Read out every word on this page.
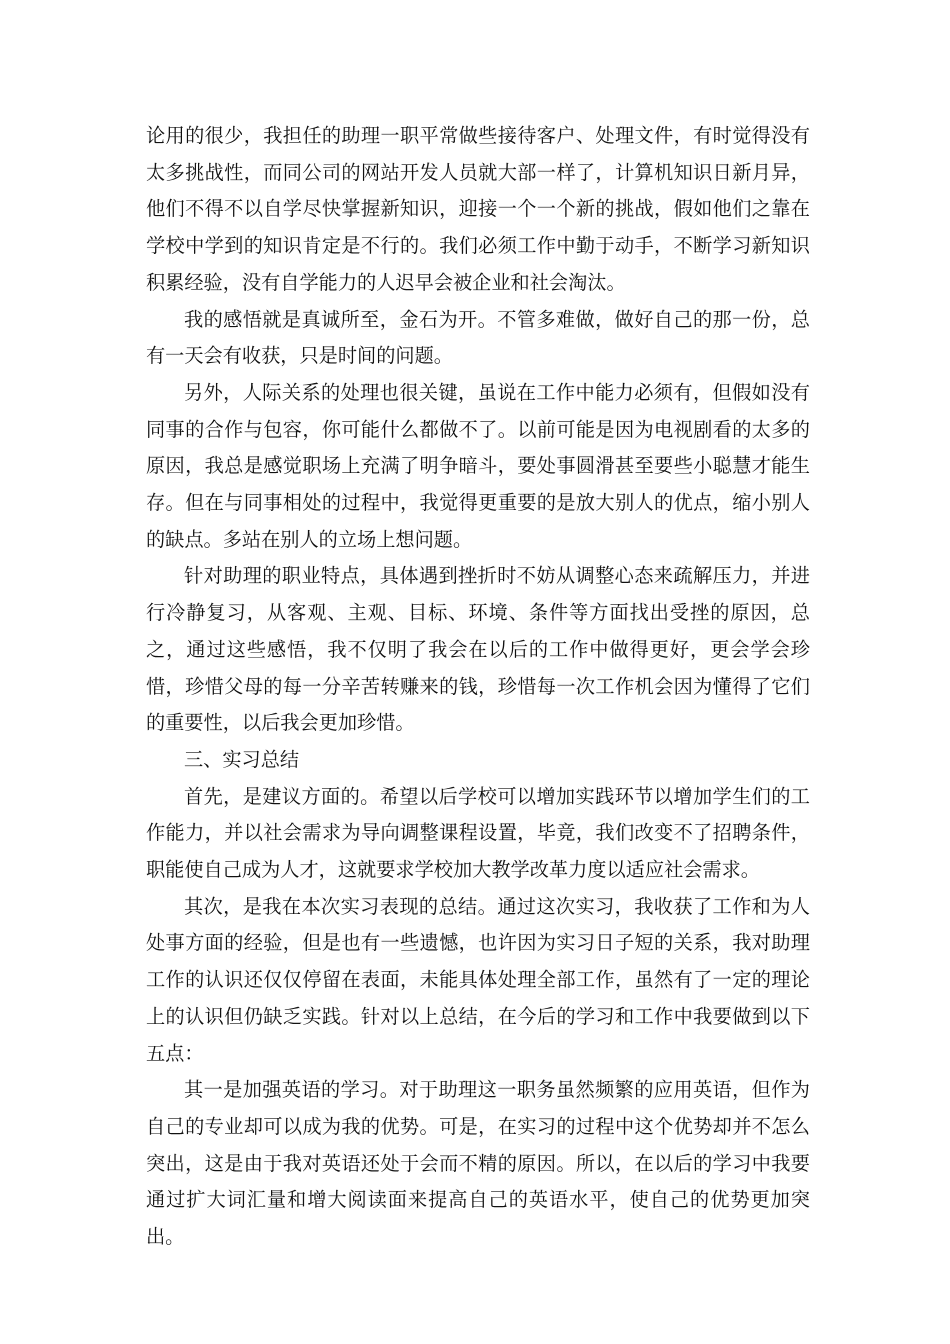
论用的很少，我担任的助理一职平常做些接待客户、处理文件，有时觉得没有太多挑战性，而同公司的网站开发人员就大部一样了，计算机知识日新月异，他们不得不以自学尽快掌握新知识，迎接一个一个新的挑战，假如他们之靠在学校中学到的知识肯定是不行的。我们必须工作中勤于动手，不断学习新知识积累经验，没有自学能力的人迟早会被企业和社会淘汰。

我的感悟就是真诚所至，金石为开。不管多难做，做好自己的那一份，总有一天会有收获，只是时间的问题。

另外，人际关系的处理也很关键，虽说在工作中能力必须有，但假如没有同事的合作与包容，你可能什么都做不了。以前可能是因为电视剧看的太多的原因，我总是感觉职场上充满了明争暗斗，要处事圆滑甚至要些小聪慧才能生存。但在与同事相处的过程中，我觉得更重要的是放大别人的优点，缩小别人的缺点。多站在别人的立场上想问题。

针对助理的职业特点，具体遇到挫折时不妨从调整心态来疏解压力，并进行冷静复习，从客观、主观、目标、环境、条件等方面找出受挫的原因，总之，通过这些感悟，我不仅明了我会在以后的工作中做得更好，更会学会珍惜，珍惜父母的每一分辛苦转赚来的钱，珍惜每一次工作机会因为懂得了它们的重要性，以后我会更加珍惜。

三、实习总结

首先，是建议方面的。希望以后学校可以增加实践环节以增加学生们的工作能力，并以社会需求为导向调整课程设置，毕竟，我们改变不了招聘条件，职能使自己成为人才，这就要求学校加大教学改革力度以适应社会需求。

其次，是我在本次实习表现的总结。通过这次实习，我收获了工作和为人处事方面的经验，但是也有一些遗憾，也许因为实习日子短的关系，我对助理工作的认识还仅仅停留在表面，未能具体处理全部工作，虽然有了一定的理论上的认识但仍缺乏实践。针对以上总结，在今后的学习和工作中我要做到以下五点：

其一是加强英语的学习。对于助理这一职务虽然频繁的应用英语，但作为自己的专业却可以成为我的优势。可是，在实习的过程中这个优势却并不怎么突出，这是由于我对英语还处于会而不精的原因。所以，在以后的学习中我要通过扩大词汇量和增大阅读面来提高自己的英语水平，使自己的优势更加突出。
